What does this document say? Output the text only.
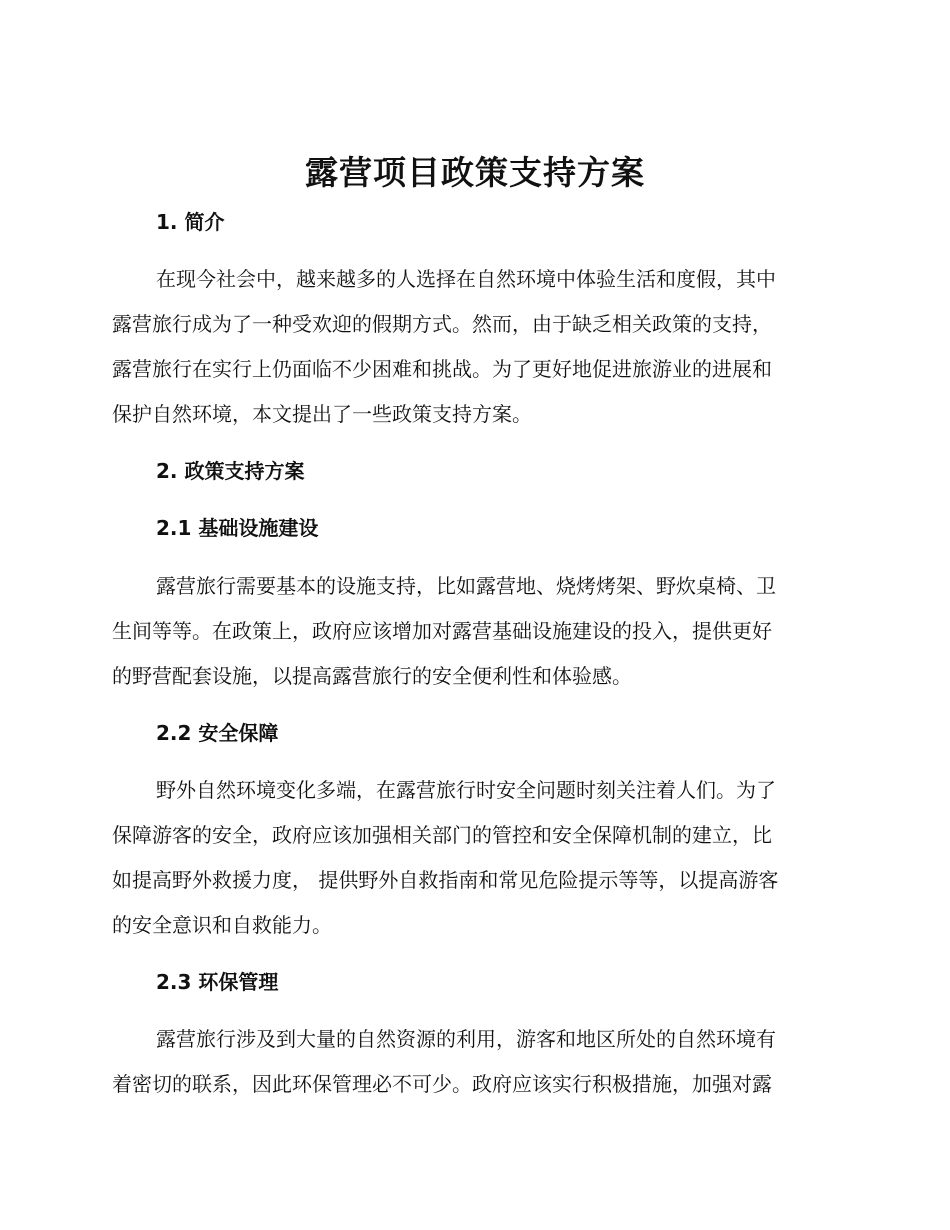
露营项目政策支持方案
1. 简介
在现今社会中，越来越多的人选择在自然环境中体验生活和度假，其中
露营旅行成为了一种受欢迎的假期方式。然而，由于缺乏相关政策的支持，
露营旅行在实行上仍面临不少困难和挑战。为了更好地促进旅游业的进展和
保护自然环境，本文提出了一些政策支持方案。
2. 政策支持方案
2.1 基础设施建设
露营旅行需要基本的设施支持，比如露营地、烧烤烤架、野炊桌椅、卫
生间等等。在政策上，政府应该增加对露营基础设施建设的投入，提供更好
的野营配套设施，以提高露营旅行的安全便利性和体验感。
2.2 安全保障
野外自然环境变化多端，在露营旅行时安全问题时刻关注着人们。为了
保障游客的安全，政府应该加强相关部门的管控和安全保障机制的建立，比
如提高野外救援力度， 提供野外自救指南和常见危险提示等等，以提高游客
的安全意识和自救能力。
2.3 环保管理
露营旅行涉及到大量的自然资源的利用，游客和地区所处的自然环境有
着密切的联系，因此环保管理必不可少。政府应该实行积极措施，加强对露
